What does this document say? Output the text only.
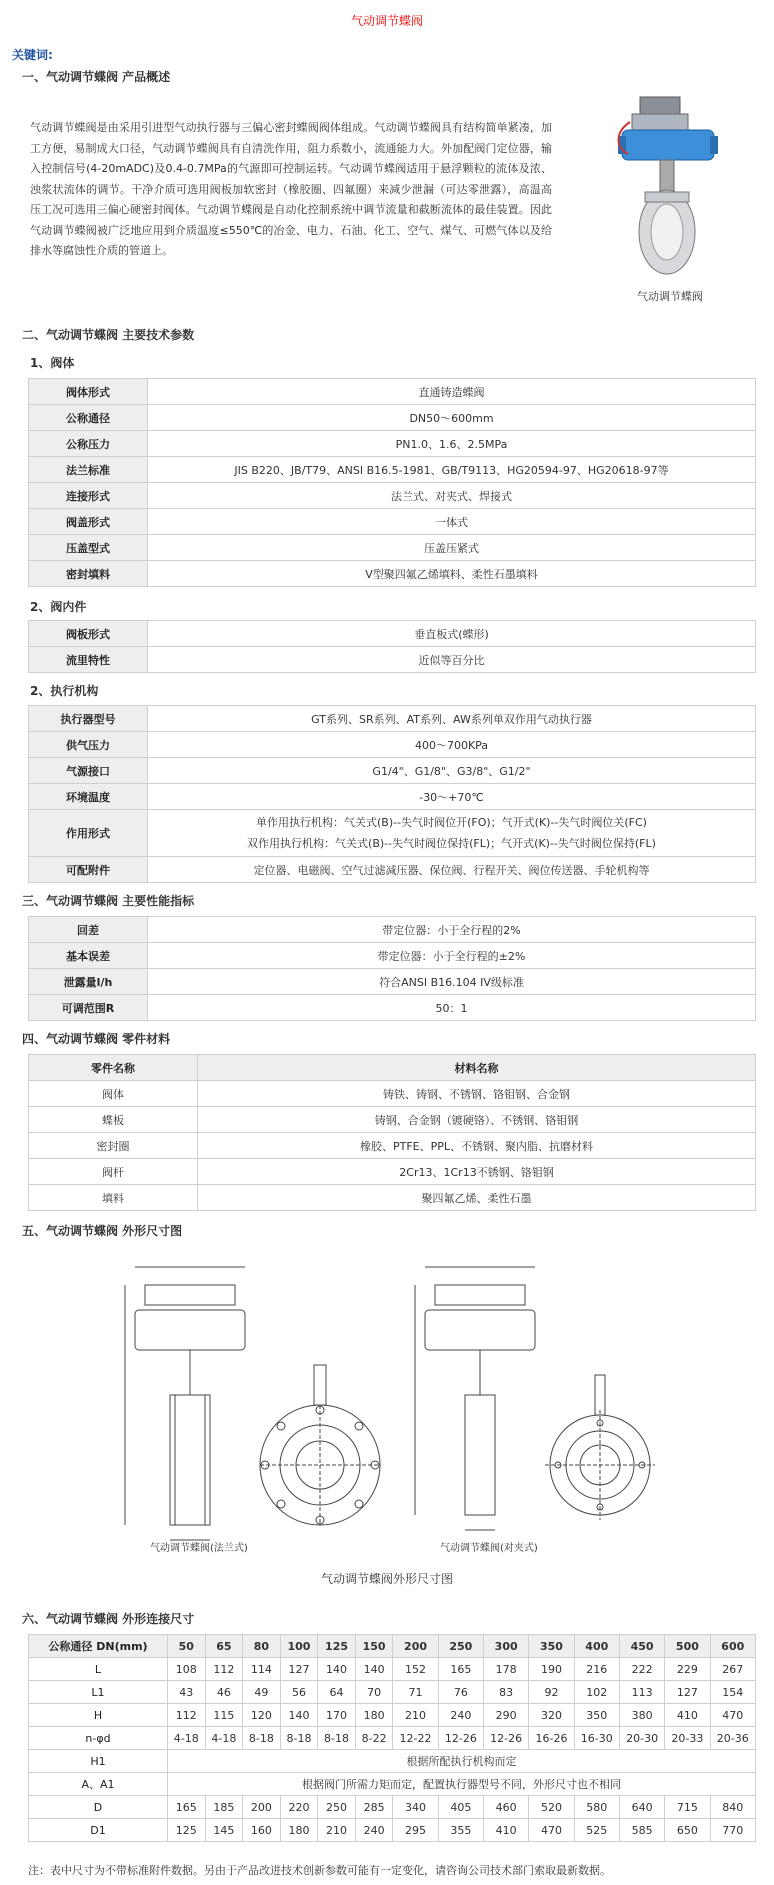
气动调节蝶阀
关键词:
一、气动调节蝶阀 产品概述
气动调节蝶阀是由采用引进型气动执行器与三偏心密封蝶阀阀体组成。气动调节蝶阀具有结构简单紧凑，加工方便，易制成大口径，气动调节蝶阀具有自清洗作用，阻力系数小，流通能力大。外加配阀门定位器，输入控制信号(4-20mADC)及0.4-0.7MPa的气源即可控制运转。气动调节蝶阀适用于悬浮颗粒的流体及浓、浊浆状流体的调节。干净介质可选用阀板加软密封（橡胶圈、四氟圈）来减少泄漏（可达零泄露），高温高压工况可选用三偏心硬密封阀体。气动调节蝶阀是自动化控制系统中调节流量和截断流体的最佳装置。因此气动调节蝶阀被广泛地应用到介质温度≤550℃的冶金、电力、石油、化工、空气、煤气、可燃气体以及给排水等腐蚀性介质的管道上。
气动调节蝶阀
二、气动调节蝶阀 主要技术参数
1、阀体
阀体形式	直通铸造蝶阀
公称通径	DN50～600mm
公称压力	PN1.0、1.6、2.5MPa
法兰标准	JIS B220、JB/T79、ANSI B16.5-1981、GB/T9113、HG20594-97、HG20618-97等
连接形式	法兰式、对夹式、焊接式
阀盖形式	一体式
压盖型式	压盖压紧式
密封填料	V型聚四氟乙烯填料、柔性石墨填料
2、阀内件
阀板形式	垂直板式(蝶形)
流里特性	近似等百分比
2、执行机构
执行器型号	GT系列、SR系列、AT系列、AW系列单双作用气动执行器
供气压力	400～700KPa
气源接口	G1/4"、G1/8"、G3/8"、G1/2"
环境温度	-30～+70℃
作用形式	单作用执行机构：气关式(B)--失气时阀位开(FO)；气开式(K)--失气时阀位关(FC)
双作用执行机构：气关式(B)--失气时阀位保持(FL)；气开式(K)--失气时阀位保持(FL)

可配附件	定位器、电磁阀、空气过滤减压器、保位阀、行程开关、阀位传送器、手轮机构等
三、气动调节蝶阀 主要性能指标
回差	带定位器：小于全行程的2%
基本误差	带定位器：小于全行程的±2%
泄露量l/h	符合ANSI B16.104 IV级标准
可调范围R	50：1
四、气动调节蝶阀 零件材料
零件名称	材料名称
阀体	铸铁、铸钢、不锈钢、铬钼钢、合金钢
蝶板	铸钢、合金钢（镀硬铬）、不锈钢、铬钼钢
密封圈	橡胶、PTFE、PPL、不锈钢、聚内脂、抗磨材料
阀杆	2Cr13、1Cr13不锈钢、铬钼钢
填料	聚四氟乙烯、柔性石墨
五、气动调节蝶阀 外形尺寸图
气动调节蝶阀(法兰式)	气动调节蝶阀(对夹式)
气动调节蝶阀外形尺寸图
六、气动调节蝶阀 外形连接尺寸
公称通径 DN(mm)	50	65	80	100	125	150	200	250	300	350	400	450	500	600
L	108	112	114	127	140	140	152	165	178	190	216	222	229	267
L1	43	46	49	56	64	70	71	76	83	92	102	113	127	154
H	112	115	120	140	170	180	210	240	290	320	350	380	410	470
n-φd	4-18	4-18	8-18	8-18	8-18	8-22	12-22	12-26	12-26	16-26	16-30	20-30	20-33	20-36
H1	根据所配执行机构而定													
A、A1	根据阀门所需力矩而定，配置执行器型号不同，外形尺寸也不相同													
D	165	185	200	220	250	285	340	405	460	520	580	640	715	840
D1	125	145	160	180	210	240	295	355	410	470	525	585	650	770
注：表中尺寸为不带标准附件数据。另由于产品改进技术创新参数可能有一定变化，请咨询公司技术部门索取最新数据。
